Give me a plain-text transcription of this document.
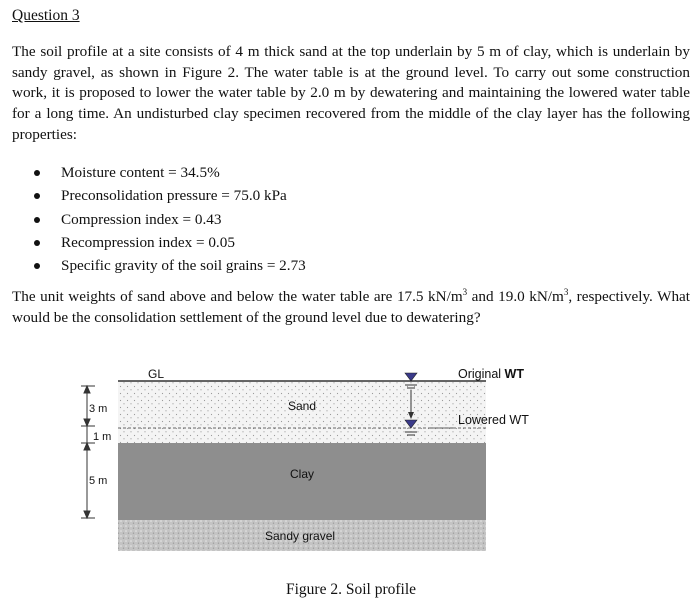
Question 3

The soil profile at a site consists of 4 m thick sand at the top underlain by 5 m of clay, which is underlain by sandy gravel, as shown in Figure 2. The water table is at the ground level. To carry out some construction work, it is proposed to lower the water table by 2.0 m by dewatering and maintaining the lowered water table for a long time. An undisturbed clay specimen recovered from the middle of the clay layer has the following properties:

Moisture content = 34.5%
Preconsolidation pressure = 75.0 kPa
Compression index = 0.43
Recompression index = 0.05
Specific gravity of the soil grains = 2.73

The unit weights of sand above and below the water table are 17.5 $kN/m^3$ and 19.0 $kN/m^3$, respectively. What would be the consolidation settlement of the ground level due to dewatering?

GL	Original WT
Lowered WT
Sand
Clay
Sandy gravel
3 m
1 m
5 m
Figure 2. Soil profile
